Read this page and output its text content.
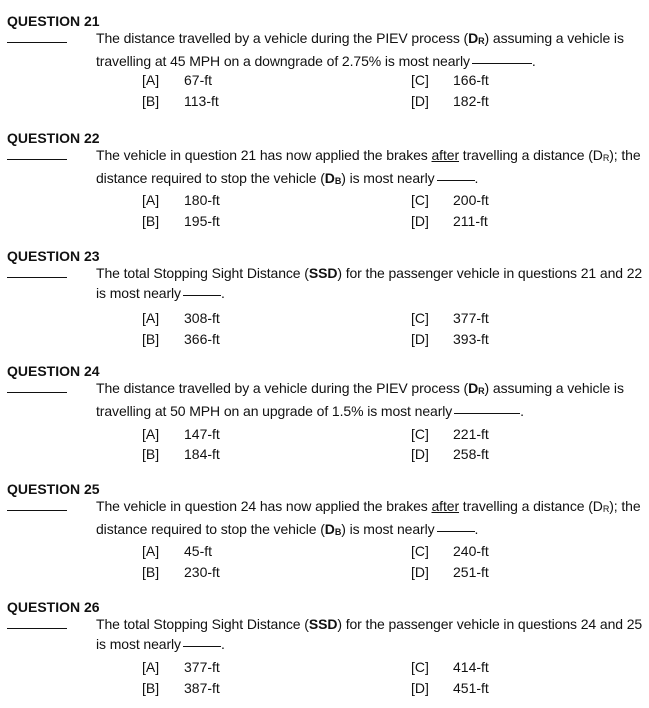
QUESTION 21
The distance travelled by a vehicle during the PIEV process (DR) assuming a vehicle is travelling at 45 MPH on a downgrade of 2.75% is most nearly	.
[A] 67-ft
[B] 113-ft
[C] 166-ft
[D] 182-ft
QUESTION 22
The vehicle in question 21 has now applied the brakes after travelling a distance (DR); the distance required to stop the vehicle (DB) is most nearly	.
[A] 180-ft
[B] 195-ft
[C] 200-ft
[D] 211-ft
QUESTION 23
The total Stopping Sight Distance (SSD) for the passenger vehicle in questions 21 and 22 is most nearly	.
[A] 308-ft
[B] 366-ft
[C] 377-ft
[D] 393-ft
QUESTION 24
The distance travelled by a vehicle during the PIEV process (DR) assuming a vehicle is travelling at 50 MPH on an upgrade of 1.5% is most nearly	.
[A] 147-ft
[B] 184-ft
[C] 221-ft
[D] 258-ft
QUESTION 25
The vehicle in question 24 has now applied the brakes after travelling a distance (DR); the distance required to stop the vehicle (DB) is most nearly	.
[A] 45-ft
[B] 230-ft
[C] 240-ft
[D] 251-ft
QUESTION 26
The total Stopping Sight Distance (SSD) for the passenger vehicle in questions 24 and 25 is most nearly	.
[A] 377-ft
[B] 387-ft
[C] 414-ft
[D] 451-ft
